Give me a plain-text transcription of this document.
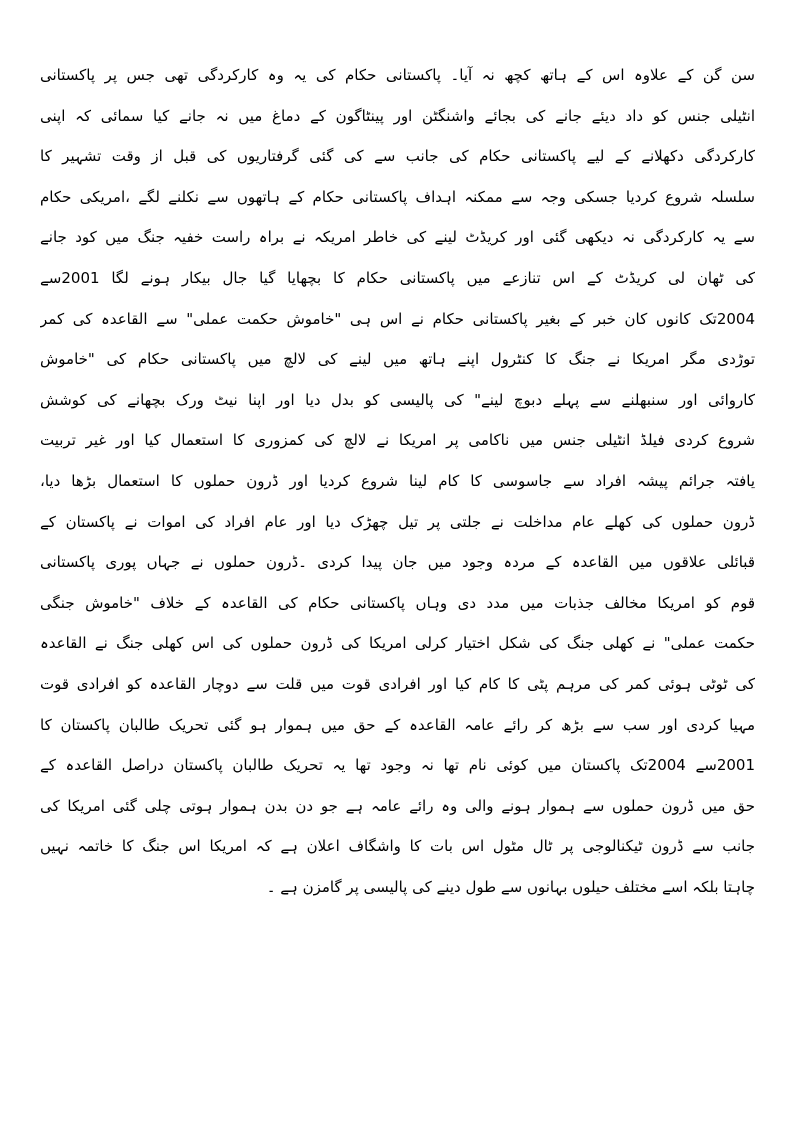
سن گن کے علاوہ اس کے ہاتھ کچھ نہ آیا۔ پاکستانی حکام کی یہ وہ کارکردگی تھی جس پر پاکستانی
انٹیلی جنس کو داد دیئے جانے کی بجائے واشنگٹن اور پینٹاگون کے دماغ میں نہ جانے کیا سمائی کہ اپنی
کارکردگی دکھلانے کے لیے پاکستانی حکام کی جانب سے کی گئی گرفتاریوں کی قبل از وقت تشہیر کا
سلسلہ شروع کردیا جسکی وجہ سے ممکنہ اہداف پاکستانی حکام کے ہاتھوں سے نکلنے لگے ،امریکی حکام
سے یہ کارکردگی نہ دیکھی گئی اور کریڈٹ لینے کی خاطر امریکہ نے براہ راست خفیہ جنگ میں کود جانے
کی ٹھان لی کریڈٹ کے اس تنازعے میں پاکستانی حکام کا بچھایا گیا جال بیکار ہونے لگا 2001سے
2004تک کانوں کان خبر کے بغیر پاکستانی حکام نے اس ہی "خاموش حکمت عملی" سے القاعدہ کی کمر
توڑدی مگر امریکا نے جنگ کا کنٹرول اپنے ہاتھ میں لینے کی لالچ میں پاکستانی حکام کی "خاموش
کاروائی اور سنبھلنے سے پہلے دبوچ لینے" کی پالیسی کو بدل دیا اور اپنا نیٹ ورک بچھانے کی کوشش
شروع کردی فیلڈ انٹیلی جنس میں ناکامی پر امریکا نے لالچ کی کمزوری کا استعمال کیا اور غیر تربیت
یافتہ جرائم پیشہ افراد سے جاسوسی کا کام لینا شروع کردیا اور ڈرون حملوں کا استعمال بڑھا دیا،
ڈرون حملوں کی کھلے عام مداخلت نے جلتی پر تیل چھڑک دیا اور عام افراد کی اموات نے پاکستان کے
قبائلی علاقوں میں القاعدہ کے مردہ وجود میں جان پیدا کردی ۔ڈرون حملوں نے جہاں پوری پاکستانی
قوم کو امریکا مخالف جذبات میں مدد دی وہاں پاکستانی حکام کی القاعدہ کے خلاف "خاموش جنگی
حکمت عملی" نے کھلی جنگ کی شکل اختیار کرلی امریکا کی ڈرون حملوں کی اس کھلی جنگ نے القاعدہ
کی ٹوٹی ہوئی کمر کی مرہم پٹی کا کام کیا اور افرادی قوت میں قلت سے دوچار القاعدہ کو افرادی قوت
مہیا کردی اور سب سے بڑھ کر رائے عامہ القاعدہ کے حق میں ہموار ہو گئی تحریک طالبان پاکستان کا
2001سے 2004تک پاکستان میں کوئی نام تھا نہ وجود تھا یہ تحریک طالبان پاکستان دراصل القاعدہ کے
حق میں ڈرون حملوں سے ہموار ہونے والی وہ رائے عامہ ہے جو دن بدن ہموار ہوتی چلی گئی امریکا کی
جانب سے ڈرون ٹیکنالوجی پر ٹال مٹول اس بات کا واشگاف اعلان ہے کہ امریکا اس جنگ کا خاتمہ نہیں
چاہتا بلکہ اسے مختلف حیلوں بہانوں سے طول دینے کی پالیسی پر گامزن ہے ۔
